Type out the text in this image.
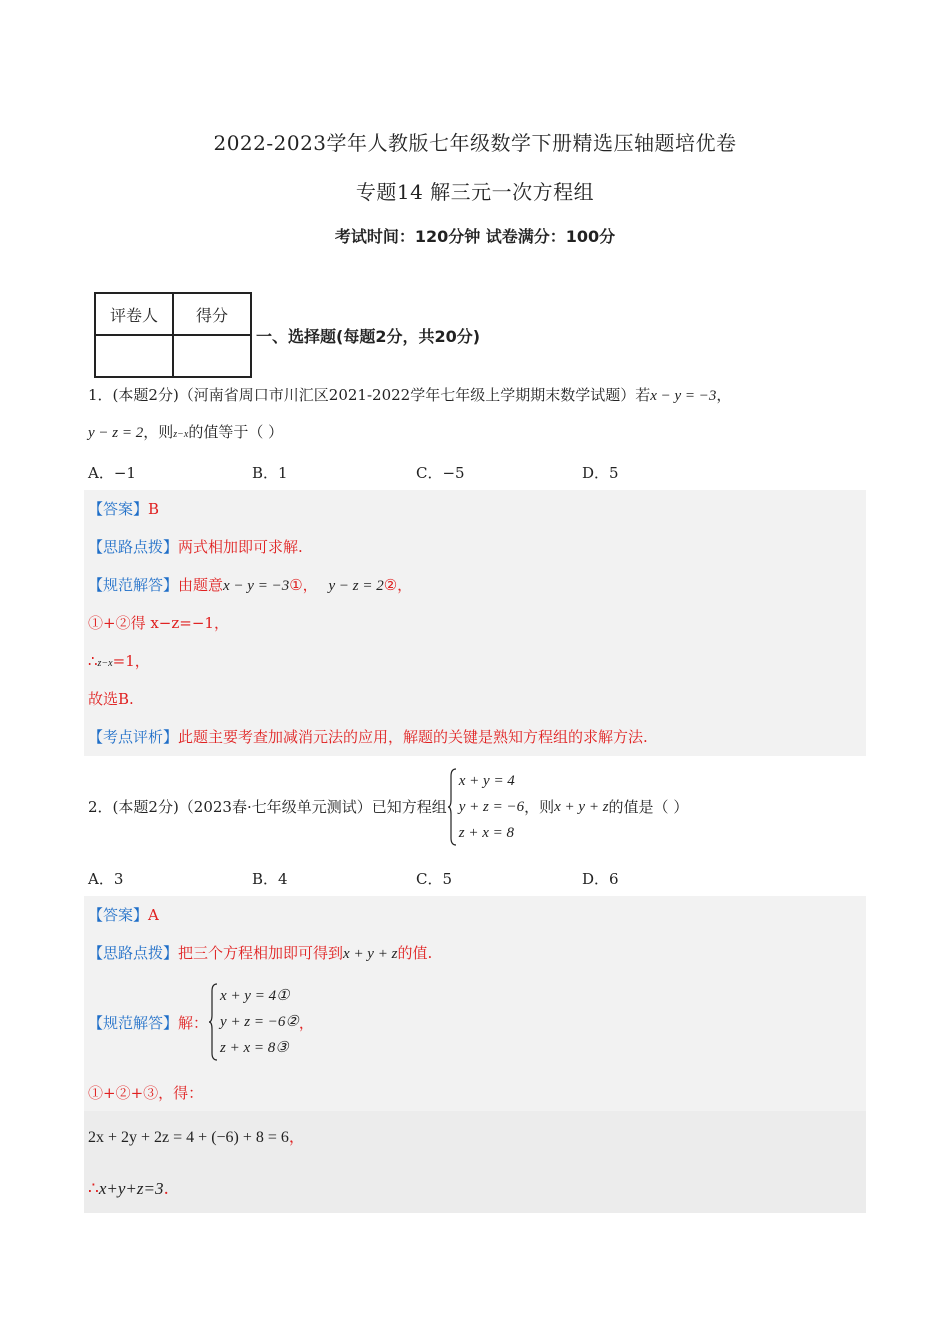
2022-2023学年人教版七年级数学下册精选压轴题培优卷
专题14 解三元一次方程组
考试时间：120分钟 试卷满分：100分
评卷人	得分

一、选择题(每题2分，共20分)
1．(本题2分)（河南省周口市川汇区2021-2022学年七年级上学期期末数学试题）若x − y = −3，
y − z = 2，则z−x的值等于（ ）
A．−1	B．1	C．−5	D．5
【答案】B
【思路点拨】两式相加即可求解.
【规范解答】由题意x − y = −3①， y − z = 2②，
①+②得 x−z=−1，
∴z−x=1，
故选B.
【考点评析】此题主要考查加减消元法的应用，解题的关键是熟知方程组的求解方法.
2．(本题2分)（2023春·七年级单元测试）已知方程组
x + y = 4
y + z = −6
z + x = 8
，则 x + y + z 的值是（ ）
A．3	B．4	C．5	D．6
【答案】A
【思路点拨】把三个方程相加即可得到x + y + z的值.
【规范解答】 解：
x + y = 4①
y + z = −6②
z + x = 8③
，
①+②+③，得：
2x + 2y + 2z = 4 + (−6) + 8 = 6，
∴x+y+z=3.
